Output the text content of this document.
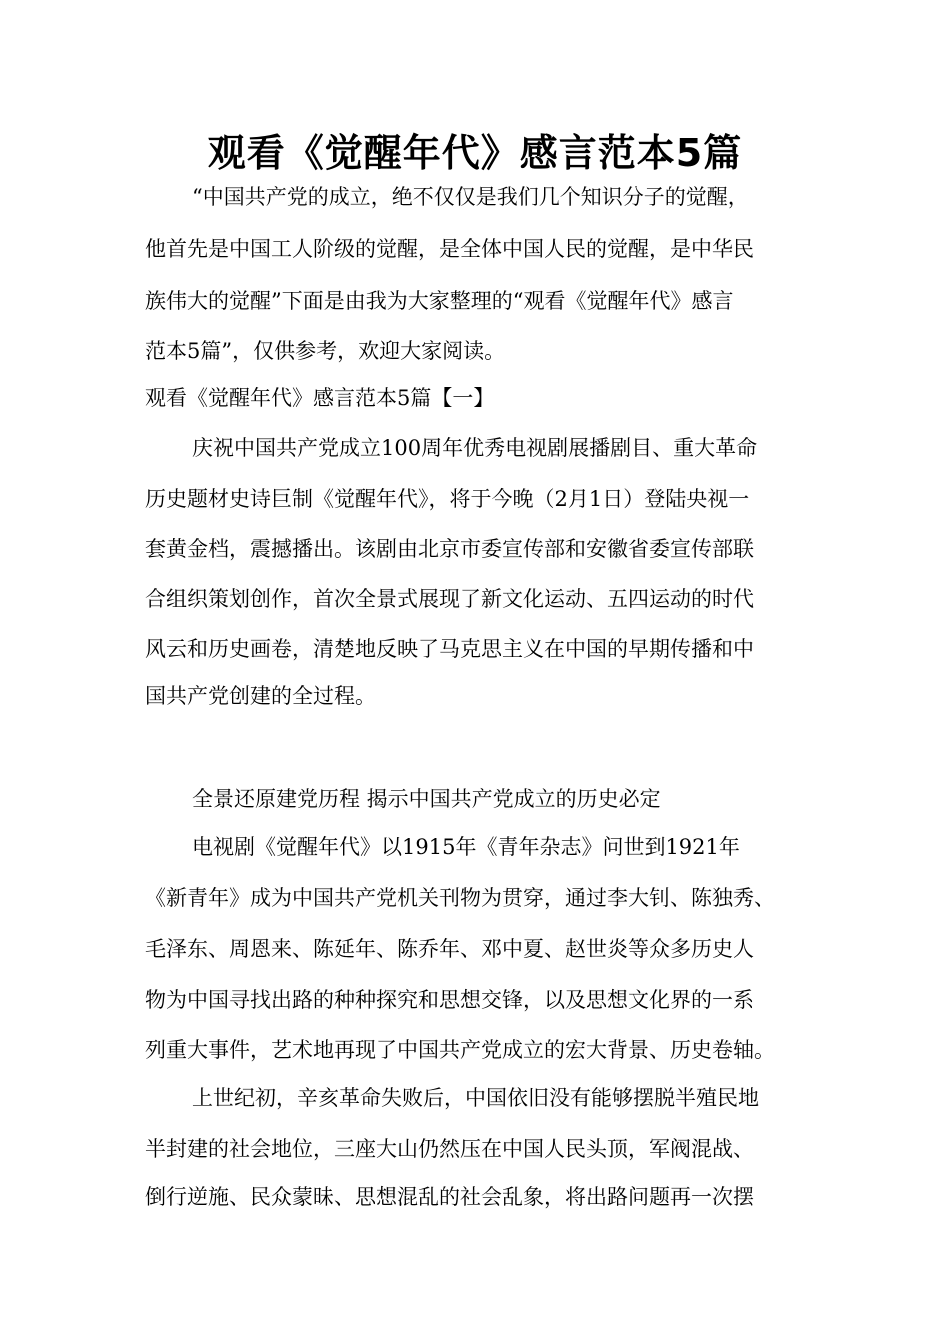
观看《觉醒年代》感言范本5篇
“中国共产党的成立，绝不仅仅是我们几个知识分子的觉醒，
他首先是中国工人阶级的觉醒，是全体中国人民的觉醒，是中华民
族伟大的觉醒”下面是由我为大家整理的“观看《觉醒年代》感言
范本5篇”，仅供参考，欢迎大家阅读。
观看《觉醒年代》感言范本5篇【一】
庆祝中国共产党成立100周年优秀电视剧展播剧目、重大革命
历史题材史诗巨制《觉醒年代》，将于今晚（2月1日）登陆央视一
套黄金档，震撼播出。该剧由北京市委宣传部和安徽省委宣传部联
合组织策划创作，首次全景式展现了新文化运动、五四运动的时代
风云和历史画卷，清楚地反映了马克思主义在中国的早期传播和中
国共产党创建的全过程。
全景还原建党历程 揭示中国共产党成立的历史必定
电视剧《觉醒年代》以1915年《青年杂志》问世到1921年
《新青年》成为中国共产党机关刊物为贯穿，通过李大钊、陈独秀、
毛泽东、周恩来、陈延年、陈乔年、邓中夏、赵世炎等众多历史人
物为中国寻找出路的种种探究和思想交锋，以及思想文化界的一系
列重大事件，艺术地再现了中国共产党成立的宏大背景、历史卷轴。
上世纪初，辛亥革命失败后，中国依旧没有能够摆脱半殖民地
半封建的社会地位，三座大山仍然压在中国人民头顶，军阀混战、
倒行逆施、民众蒙昧、思想混乱的社会乱象，将出路问题再一次摆
